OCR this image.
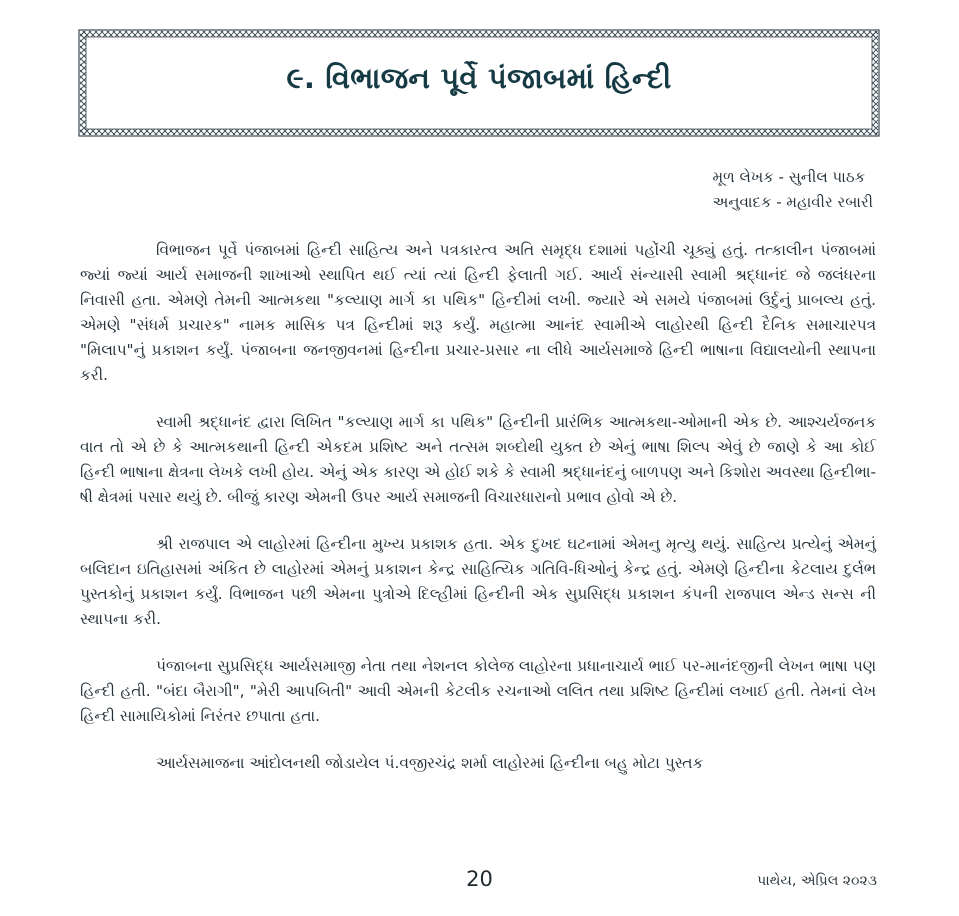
૯. વિભાજન પૂર્વે પંજાબમાં હિન્દી
મૂળ લેખક - સુનીલ પાઠક
અનુવાદક - મહાવીર રબારી

વિભાજન પૂર્વે પંજાબમાં હિન્દી સાહિત્ય અને પત્રકારત્વ અતિ સમૃદ્ધ દશામાં પહોંચી ચૂક્યું હતું. તત્કાલીન પંજાબમાં જ્યાં જ્યાં આર્ય સમાજની શાખાઓ સ્થાપિત થઈ ત્યાં ત્યાં હિન્દી ફેલાતી ગઈ. આર્ય સંન્યાસી સ્વામી શ્રદ્ધાનંદ જે જલંધરના નિવાસી હતા. એમણે તેમની આત્મકથા "કલ્યાણ માર્ગ કા પથિક" હિન્દીમાં લખી. જ્યારે એ સમયે પંજાબમાં ઉર્દુનું પ્રાબલ્ય હતું. એમણે "સંધર્મ પ્રચારક" નામક માસિક પત્ર હિન્દીમાં શરૂ કર્યું. મહાત્મા આનંદ સ્વામીએ લાહોરથી હિન્દી દૈનિક સમાચારપત્ર "મિલાપ"નું પ્રકાશન કર્યું. પંજાબના જનજીવનમાં હિન્દીના પ્રચાર-પ્રસાર ના લીધે આર્યસમાજે હિન્દી ભાષાના વિદ્યાલયોની સ્થાપના કરી.

સ્વામી શ્રદ્ધાનંદ દ્વારા લિખિત "કલ્યાણ માર્ગ કા પથિક" હિન્દીની પ્રારંભિક આત્મકથા-ઓમાની એક છે. આશ્ચર્યજનક વાત તો એ છે કે આત્મકથાની હિન્દી એકદમ પ્રશિષ્ટ અને તત્સમ શબ્દોથી યુક્ત છે એનું ભાષા શિલ્પ એવું છે જાણે કે આ કોઈ હિન્દી ભાષાના ક્ષેત્રના લેખકે લખી હોય. એનું એક કારણ એ હોઈ શકે કે સ્વામી શ્રદ્ધાનંદનું બાળપણ અને કિશોરા અવસ્થા હિન્દીભા-ષી ક્ષેત્રમાં પસાર થયું છે. બીજું કારણ એમની ઉપર આર્ય સમાજની વિચારધારાનો પ્રભાવ હોવો એ છે.

શ્રી રાજપાલ એ લાહોરમાં હિન્દીના મુખ્ય પ્રકાશક હતા. એક દુખદ ઘટનામાં એમનુ મૃત્યુ થયું. સાહિત્ય પ્રત્યેનું એમનું બલિદાન ઇતિહાસમાં અંકિત છે લાહોરમાં એમનું પ્રકાશન કેન્દ્ર સાહિત્યિક ગતિવિ-ધિઓનું કેન્દ્ર હતું. એમણે હિન્દીના કેટલાય દુર્લભ પુસ્તકોનું પ્રકાશન કર્યું. વિભાજન પછી એમના પુત્રોએ દિલ્હીમાં હિન્દીની એક સુપ્રસિદ્ધ પ્રકાશન કંપની રાજપાલ એન્ડ સન્સ ની સ્થાપના કરી.

પંજાબના સુપ્રસિદ્ધ આર્યસમાજી નેતા તથા નેશનલ કોલેજ લાહોરના પ્રધાનાચાર્ય ભાઈ પર-માનંદજીની લેખન ભાષા પણ હિન્દી હતી. "બંદા બૈરાગી", "મેરી આપબિતી" આવી એમની કેટલીક રચનાઓ લલિત તથા પ્રશિષ્ટ હિન્દીમાં લખાઈ હતી. તેમનાં લેખ હિન્દી સામાયિકોમાં નિરંતર છપાતા હતા.

આર્યસમાજના આંદોલનથી જોડાયેલ પં.વજીરચંદ્ર શર્મા લાહોરમાં હિન્દીના બહુ મોટા પુસ્તક

20	પાથેય, એપ્રિલ ૨૦૨૩
